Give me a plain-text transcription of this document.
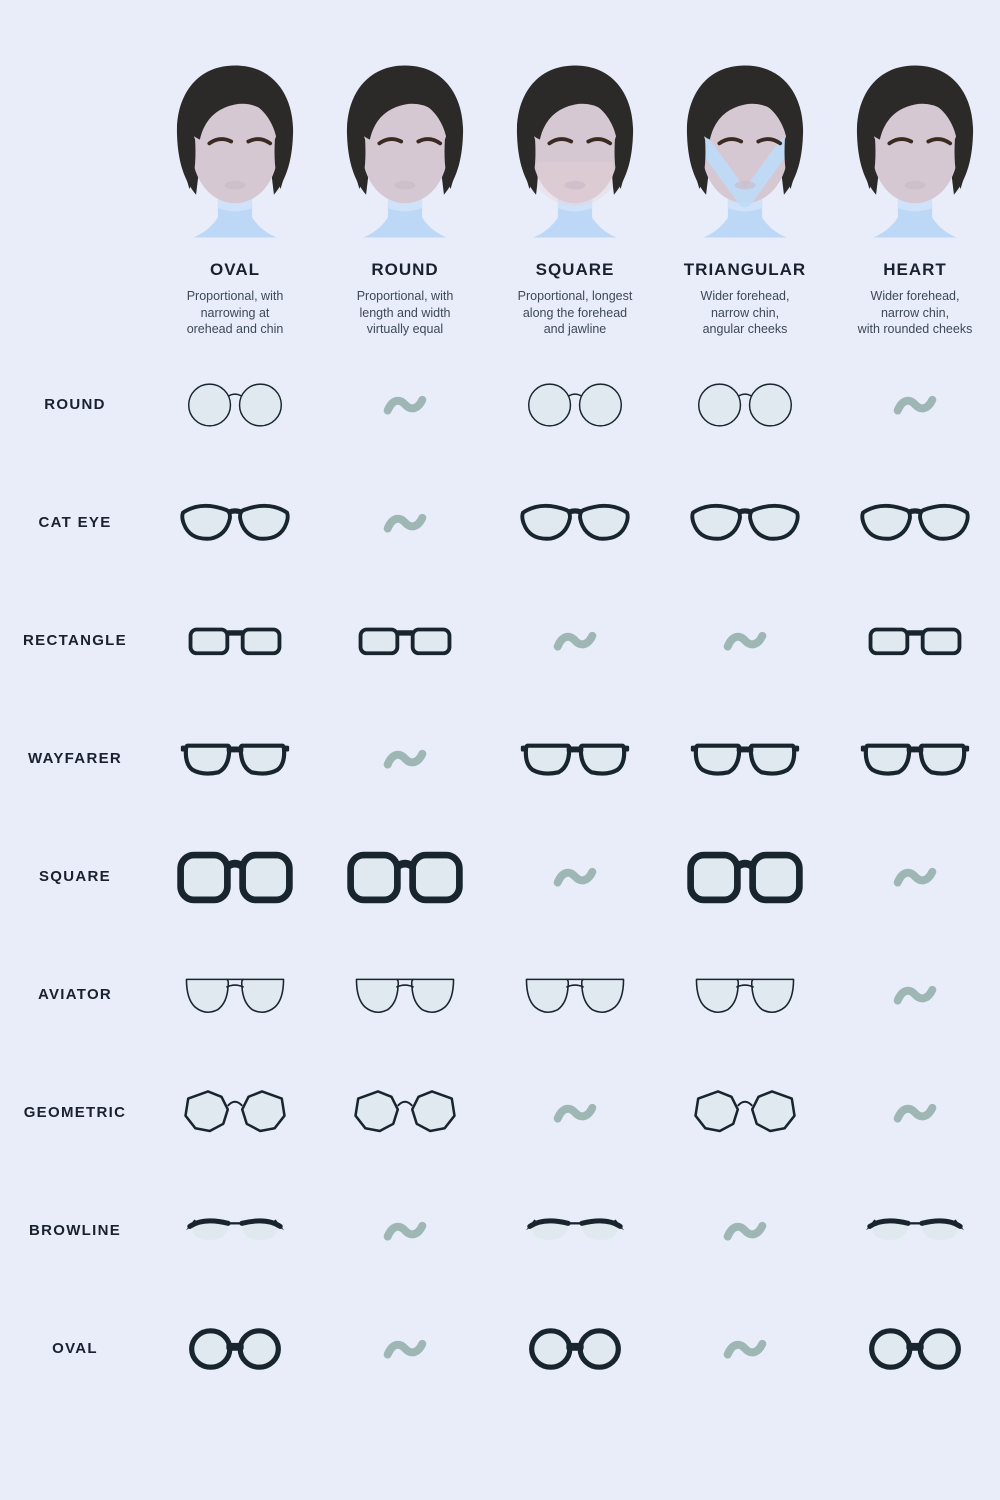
OVAL
Proportional, with
narrowing at
orehead and chin
ROUND
Proportional, with
length and width
virtually equal
SQUARE
Proportional, longest
along the forehead
and jawline
TRIANGULAR
Wider forehead,
narrow chin,
angular cheeks
HEART
Wider forehead,
narrow chin,
with rounded cheeks
ROUND
CAT EYE
RECTANGLE
WAYFARER
SQUARE
AVIATOR
GEOMETRIC
BROWLINE
OVAL
